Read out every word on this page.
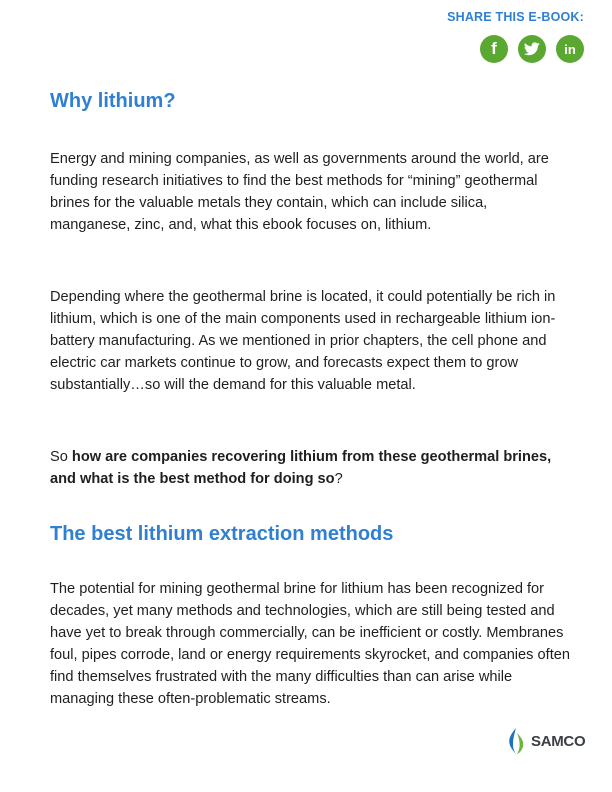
SHARE THIS E-BOOK:
f	in
Why lithium?

Energy and mining companies, as well as governments around the world, are funding research initiatives to find the best methods for “mining” geothermal brines for the valuable metals they contain, which can include silica, manganese, zinc, and, what this ebook focuses on, lithium.

Depending where the geothermal brine is located, it could potentially be rich in lithium, which is one of the main components used in rechargeable lithium ion-battery manufacturing. As we mentioned in prior chapters, the cell phone and electric car markets continue to grow, and forecasts expect them to grow substantially…so will the demand for this valuable metal.

So how are companies recovering lithium from these geothermal brines, and what is the best method for doing so?

The best lithium extraction methods

The potential for mining geothermal brine for lithium has been recognized for decades, yet many methods and technologies, which are still being tested and have yet to break through commercially, can be inefficient or costly. Membranes foul, pipes corrode, land or energy requirements skyrocket, and companies often find themselves frustrated with the many difficulties than can arise while managing these often-problematic streams.

SAMCO
